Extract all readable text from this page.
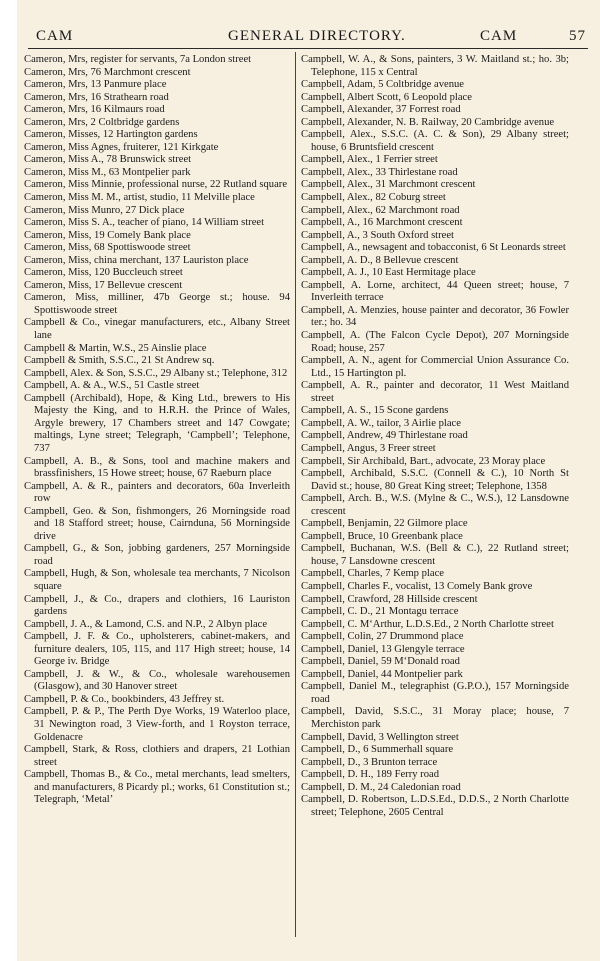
CAM	GENERAL DIRECTORY.	CAM	57

Cameron, Mrs, register for servants, 7a London street

Cameron, Mrs, 76 Marchmont crescent

Cameron, Mrs, 13 Panmure place

Cameron, Mrs, 16 Strathearn road

Cameron, Mrs, 16 Kilmaurs road

Cameron, Mrs, 2 Coltbridge gardens

Cameron, Misses, 12 Hartington gardens

Cameron, Miss Agnes, fruiterer, 121 Kirkgate

Cameron, Miss A., 78 Brunswick street

Cameron, Miss M., 63 Montpelier park

Cameron, Miss Minnie, professional nurse, 22 Rutland square

Cameron, Miss M. M., artist, studio, 11 Melville place

Cameron, Miss Munro, 27 Dick place

Cameron, Miss S. A., teacher of piano, 14 William street

Cameron, Miss, 19 Comely Bank place

Cameron, Miss, 68 Spottiswoode street

Cameron, Miss, china merchant, 137 Lauriston place

Cameron, Miss, 120 Buccleuch street

Cameron, Miss, 17 Bellevue crescent

Cameron, Miss, milliner, 47b George st.; house. 94 Spottiswoode street

Campbell & Co., vinegar manufacturers, etc., Albany Street lane

Campbell & Martin, W.S., 25 Ainslie place

Campbell & Smith, S.S.C., 21 St Andrew sq.

Campbell, Alex. & Son, S.S.C., 29 Albany st.; Telephone, 312

Campbell, A. & A., W.S., 51 Castle street

Campbell (Archibald), Hope, & King Ltd., brewers to His Majesty the King, and to H.R.H. the Prince of Wales, Argyle brewery, 17 Chambers street and 147 Cowgate; maltings, Lyne street; Telegraph, ‘Campbell’; Telephone, 737

Campbell, A. B., & Sons, tool and machine makers and brassfinishers, 15 Howe street; house, 67 Raeburn place

Campbell, A. & R., painters and decorators, 60a Inverleith row

Campbell, Geo. & Son, fishmongers, 26 Morningside road and 18 Stafford street; house, Cairnduna, 56 Morningside drive

Campbell, G., & Son, jobbing gardeners, 257 Morningside road

Campbell, Hugh, & Son, wholesale tea merchants, 7 Nicolson square

Campbell, J., & Co., drapers and clothiers, 16 Lauriston gardens

Campbell, J. A., & Lamond, C.S. and N.P., 2 Albyn place

Campbell, J. F. & Co., upholsterers, cabinet-makers, and furniture dealers, 105, 115, and 117 High street; house, 14 George iv. Bridge

Campbell, J. & W., & Co., wholesale warehousemen (Glasgow), and 30 Hanover street

Campbell, P. & Co., bookbinders, 43 Jeffrey st.

Campbell, P. & P., The Perth Dye Works, 19 Waterloo place, 31 Newington road, 3 View-forth, and 1 Royston terrace, Goldenacre

Campbell, Stark, & Ross, clothiers and drapers, 21 Lothian street

Campbell, Thomas B., & Co., metal merchants, lead smelters, and manufacturers, 8 Picardy pl.; works, 61 Constitution st.; Telegraph, ‘Metal’

Campbell, W. A., & Sons, painters, 3 W. Maitland st.; ho. 3b; Telephone, 115 x Central

Campbell, Adam, 5 Coltbridge avenue

Campbell, Albert Scott, 6 Leopold place

Campbell, Alexander, 37 Forrest road

Campbell, Alexander, N. B. Railway, 20 Cambridge avenue

Campbell, Alex., S.S.C. (A. C. & Son), 29 Albany street; house, 6 Bruntsfield crescent

Campbell, Alex., 1 Ferrier street

Campbell, Alex., 33 Thirlestane road

Campbell, Alex., 31 Marchmont crescent

Campbell, Alex., 82 Coburg street

Campbell, Alex., 62 Marchmont road

Campbell, A., 16 Marchmont crescent

Campbell, A., 3 South Oxford street

Campbell, A., newsagent and tobacconist, 6 St Leonards street

Campbell, A. D., 8 Bellevue crescent

Campbell, A. J., 10 East Hermitage place

Campbell, A. Lorne, architect, 44 Queen street; house, 7 Inverleith terrace

Campbell, A. Menzies, house painter and decorator, 36 Fowler ter.; ho. 34

Campbell, A. (The Falcon Cycle Depot), 207 Morningside Road; house, 257

Campbell, A. N., agent for Commercial Union Assurance Co. Ltd., 15 Hartington pl.

Campbell, A. R., painter and decorator, 11 West Maitland street

Campbell, A. S., 15 Scone gardens

Campbell, A. W., tailor, 3 Airlie place

Campbell, Andrew, 49 Thirlestane road

Campbell, Angus, 3 Freer street

Campbell, Sir Archibald, Bart., advocate, 23 Moray place

Campbell, Archibald, S.S.C. (Connell & C.), 10 North St David st.; house, 80 Great King street; Telephone, 1358

Campbell, Arch. B., W.S. (Mylne & C., W.S.), 12 Lansdowne crescent

Campbell, Benjamin, 22 Gilmore place

Campbell, Bruce, 10 Greenbank place

Campbell, Buchanan, W.S. (Bell & C.), 22 Rutland street; house, 7 Lansdowne crescent

Campbell, Charles, 7 Kemp place

Campbell, Charles F., vocalist, 13 Comely Bank grove

Campbell, Crawford, 28 Hillside crescent

Campbell, C. D., 21 Montagu terrace

Campbell, C. M‘Arthur, L.D.S.Ed., 2 North Charlotte street

Campbell, Colin, 27 Drummond place

Campbell, Daniel, 13 Glengyle terrace

Campbell, Daniel, 59 M‘Donald road

Campbell, Daniel, 44 Montpelier park

Campbell, Daniel M., telegraphist (G.P.O.), 157 Morningside road

Campbell, David, S.S.C., 31 Moray place; house, 7 Merchiston park

Campbell, David, 3 Wellington street

Campbell, D., 6 Summerhall square

Campbell, D., 3 Brunton terrace

Campbell, D. H., 189 Ferry road

Campbell, D. M., 24 Caledonian road

Campbell, D. Robertson, L.D.S.Ed., D.D.S., 2 North Charlotte street; Telephone, 2605 Central
